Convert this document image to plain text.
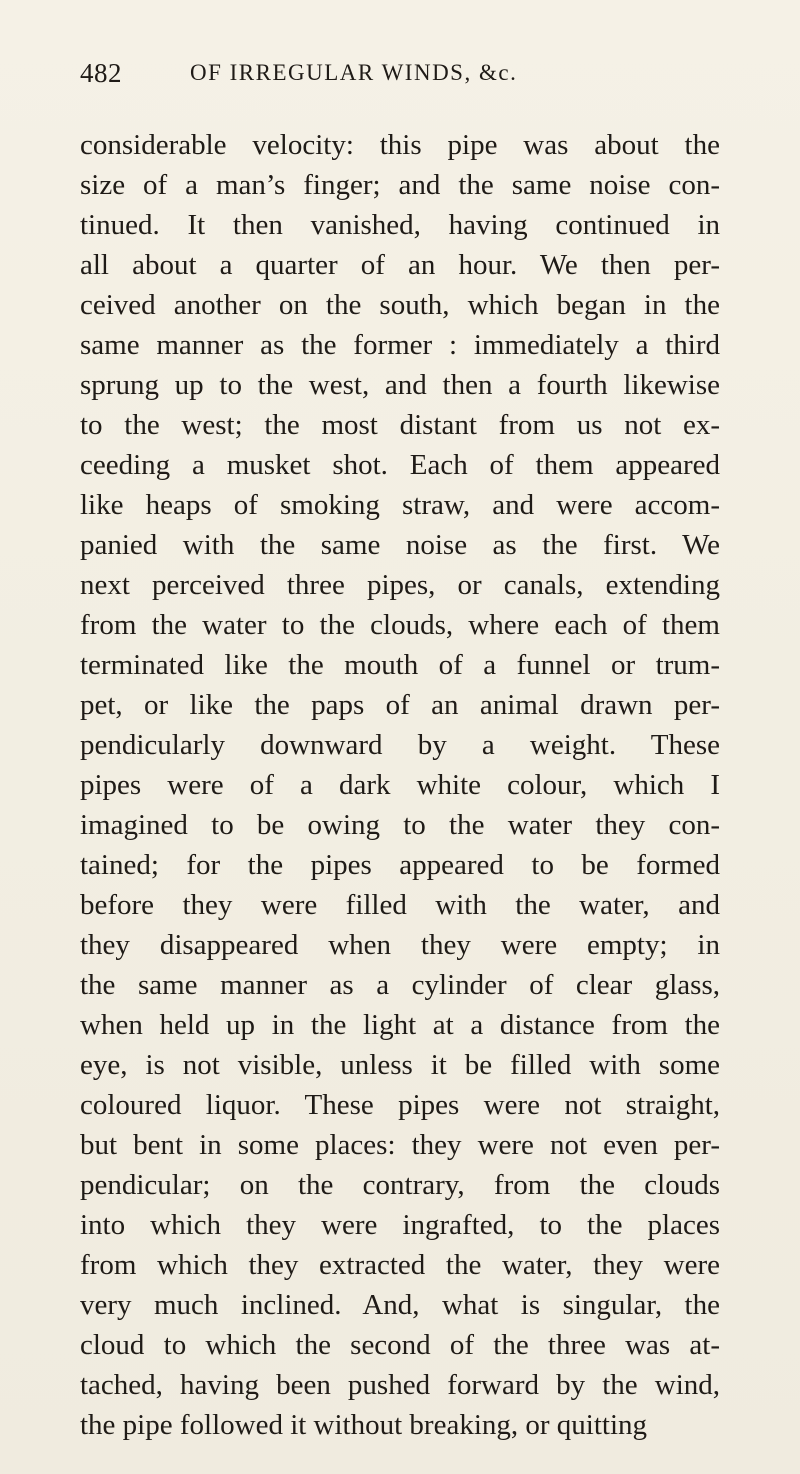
482	OF IRREGULAR WINDS, &c.
considerable velocity: this pipe was about the
size of a man’s finger; and the same noise con-
tinued. It then vanished, having continued in
all about a quarter of an hour. We then per-
ceived another on the south, which began in the
same manner as the former : immediately a third
sprung up to the west, and then a fourth likewise
to the west; the most distant from us not ex-
ceeding a musket shot. Each of them appeared
like heaps of smoking straw, and were accom-
panied with the same noise as the first. We
next perceived three pipes, or canals, extending
from the water to the clouds, where each of them
terminated like the mouth of a funnel or trum-
pet, or like the paps of an animal drawn per-
pendicularly downward by a weight. These
pipes were of a dark white colour, which I
imagined to be owing to the water they con-
tained; for the pipes appeared to be formed
before they were filled with the water, and
they disappeared when they were empty; in
the same manner as a cylinder of clear glass,
when held up in the light at a distance from the
eye, is not visible, unless it be filled with some
coloured liquor. These pipes were not straight,
but bent in some places: they were not even per-
pendicular; on the contrary, from the clouds
into which they were ingrafted, to the places
from which they extracted the water, they were
very much inclined. And, what is singular, the
cloud to which the second of the three was at-
tached, having been pushed forward by the wind,
the pipe followed it without breaking, or quitting
